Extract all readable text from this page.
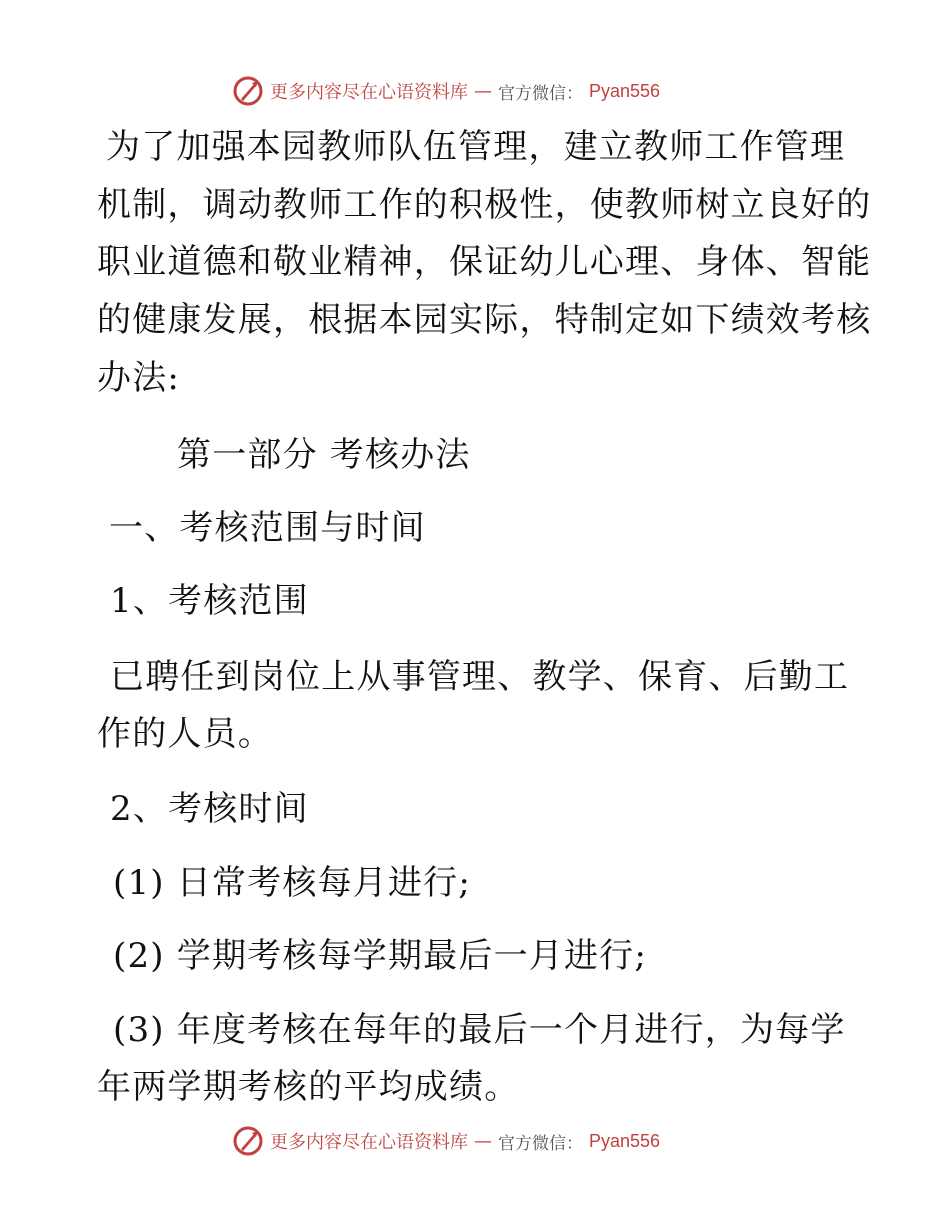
更多内容尽在心语资料库 — 官方微信： Pyan556
为了加强本园教师队伍管理，建立教师工作管理
机制，调动教师工作的积极性，使教师树立良好的
职业道德和敬业精神，保证幼儿心理、身体、智能
的健康发展，根据本园实际，特制定如下绩效考核
办法:
第一部分 考核办法
一、考核范围与时间
1、考核范围
已聘任到岗位上从事管理、教学、保育、后勤工
作的人员。
2、考核时间
(1) 日常考核每月进行;
(2) 学期考核每学期最后一月进行;
(3) 年度考核在每年的最后一个月进行，为每学
年两学期考核的平均成绩。
更多内容尽在心语资料库 — 官方微信： Pyan556
